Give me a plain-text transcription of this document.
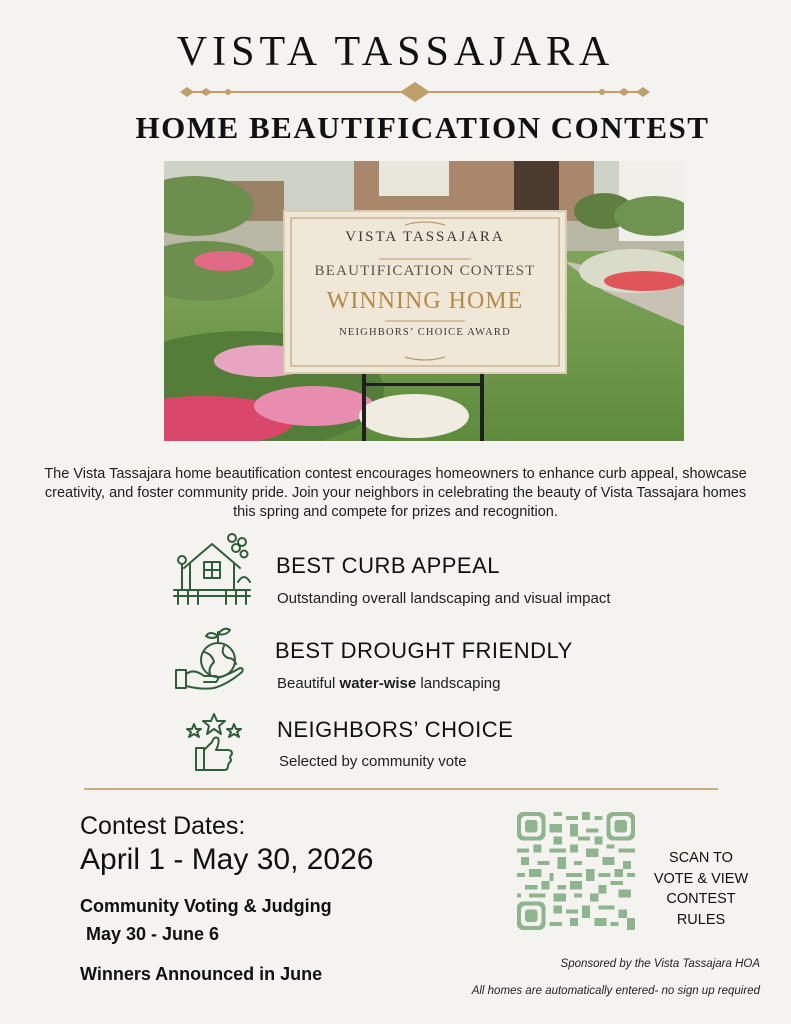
VISTA TASSAJARA
HOME BEAUTIFICATION CONTEST
VISTA TASSAJARA
BEAUTIFICATION CONTEST
WINNING HOME
NEIGHBORS’ CHOICE AWARD
The Vista Tassajara home beautification contest encourages homeowners to enhance curb appeal, showcase creativity, and foster community pride. Join your neighbors in celebrating the beauty of Vista Tassajara homes this spring and compete for prizes and recognition.
BEST CURB APPEAL
Outstanding overall landscaping and visual impact
BEST DROUGHT FRIENDLY
Beautiful water-wise landscaping
NEIGHBORS’ CHOICE
Selected by community vote
Contest Dates:
April 1 - May 30, 2026
Community Voting & Judging
May 30 - June 6
Winners Announced in June
SCAN TO
VOTE & VIEW
CONTEST
RULES
Sponsored by the Vista Tassajara HOA
All homes are automatically entered- no sign up required
